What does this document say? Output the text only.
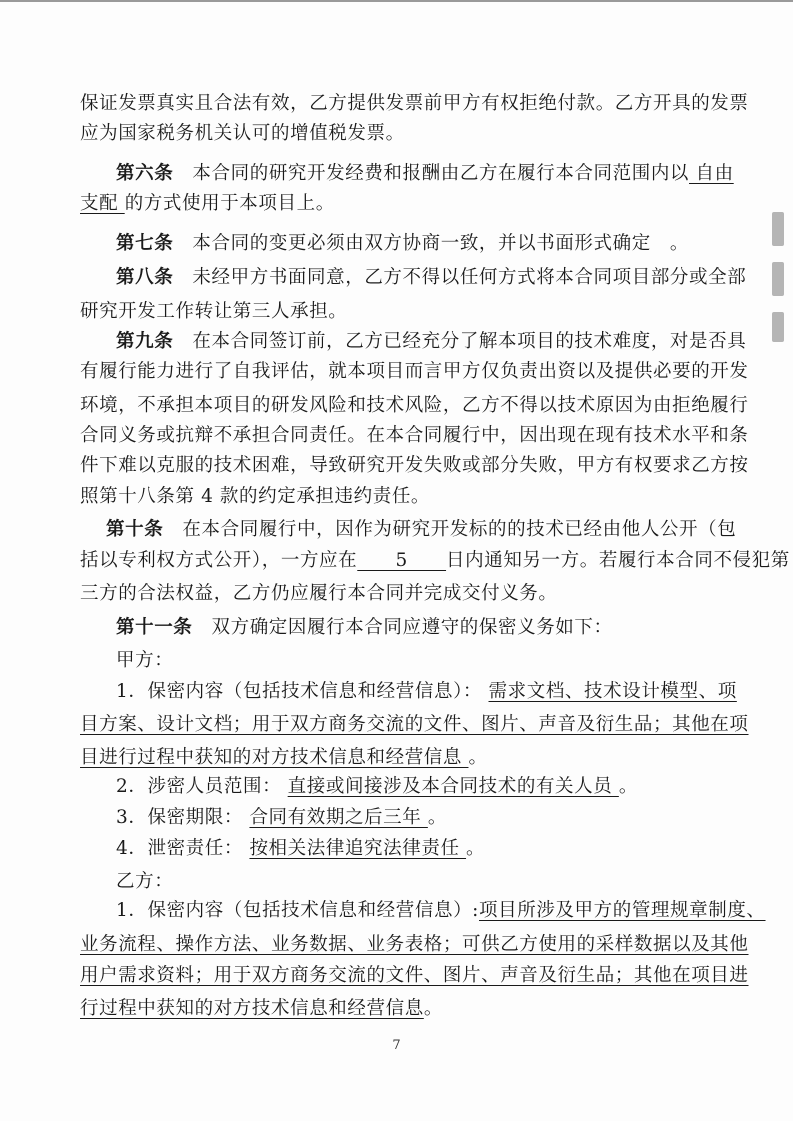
保证发票真实且合法有效，乙方提供发票前甲方有权拒绝付款。乙方开具的发票
应为国家税务机关认可的增值税发票。
第六条　本合同的研究开发经费和报酬由乙方在履行本合同范围内以 自由
支配 的方式使用于本项目上。
第七条　本合同的变更必须由双方协商一致，并以书面形式确定　。
第八条　未经甲方书面同意，乙方不得以任何方式将本合同项目部分或全部
研究开发工作转让第三人承担。
第九条　在本合同签订前，乙方已经充分了解本项目的技术难度，对是否具
有履行能力进行了自我评估，就本项目而言甲方仅负责出资以及提供必要的开发
环境，不承担本项目的研发风险和技术风险，乙方不得以技术原因为由拒绝履行
合同义务或抗辩不承担合同责任。在本合同履行中，因出现在现有技术水平和条
件下难以克服的技术困难，导致研究开发失败或部分失败，甲方有权要求乙方按
照第十八条第 4 款的约定承担违约责任。
第十条　在本合同履行中，因作为研究开发标的的技术已经由他人公开（包
括以专利权方式公开），一方应在　　5　　日内通知另一方。若履行本合同不侵犯第
三方的合法权益，乙方仍应履行本合同并完成交付义务。
第十一条　双方确定因履行本合同应遵守的保密义务如下：
甲方：
1．保密内容（包括技术信息和经营信息）： 需求文档、技术设计模型、项
目方案、设计文档；用于双方商务交流的文件、图片、声音及衍生品；其他在项
目进行过程中获知的对方技术信息和经营信息 。
2．涉密人员范围： 直接或间接涉及本合同技术的有关人员 。
3．保密期限： 合同有效期之后三年 。
4．泄密责任： 按相关法律追究法律责任 。
乙方：
1．保密内容（包括技术信息和经营信息）:项目所涉及甲方的管理规章制度、
业务流程、操作方法、业务数据、业务表格；可供乙方使用的采样数据以及其他
用户需求资料；用于双方商务交流的文件、图片、声音及衍生品；其他在项目进
行过程中获知的对方技术信息和经营信息。
7
